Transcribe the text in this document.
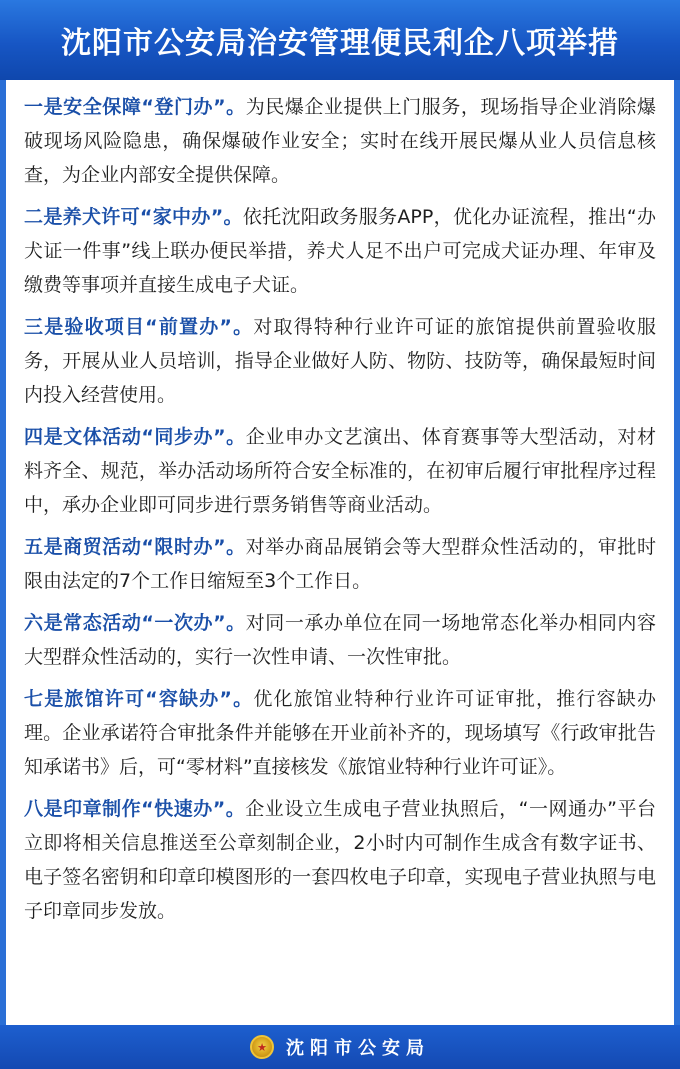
沈阳市公安局治安管理便民利企八项举措

一是安全保障“登门办”。为民爆企业提供上门服务，现场指导企业消除爆破现场风险隐患，确保爆破作业安全；实时在线开展民爆从业人员信息核查，为企业内部安全提供保障。

二是养犬许可“家中办”。依托沈阳政务服务APP，优化办证流程，推出“办犬证一件事”线上联办便民举措，养犬人足不出户可完成犬证办理、年审及缴费等事项并直接生成电子犬证。

三是验收项目“前置办”。对取得特种行业许可证的旅馆提供前置验收服务，开展从业人员培训，指导企业做好人防、物防、技防等，确保最短时间内投入经营使用。

四是文体活动“同步办”。企业申办文艺演出、体育赛事等大型活动，对材料齐全、规范，举办活动场所符合安全标准的，在初审后履行审批程序过程中，承办企业即可同步进行票务销售等商业活动。

五是商贸活动“限时办”。对举办商品展销会等大型群众性活动的，审批时限由法定的7个工作日缩短至3个工作日。

六是常态活动“一次办”。对同一承办单位在同一场地常态化举办相同内容大型群众性活动的，实行一次性申请、一次性审批。

七是旅馆许可“容缺办”。优化旅馆业特种行业许可证审批，推行容缺办理。企业承诺符合审批条件并能够在开业前补齐的，现场填写《行政审批告知承诺书》后，可“零材料”直接核发《旅馆业特种行业许可证》。

八是印章制作“快速办”。企业设立生成电子营业执照后，“一网通办”平台立即将相关信息推送至公章刻制企业，2小时内可制作生成含有数字证书、电子签名密钥和印章印模图形的一套四枚电子印章，实现电子营业执照与电子印章同步发放。

★ 沈阳市公安局
